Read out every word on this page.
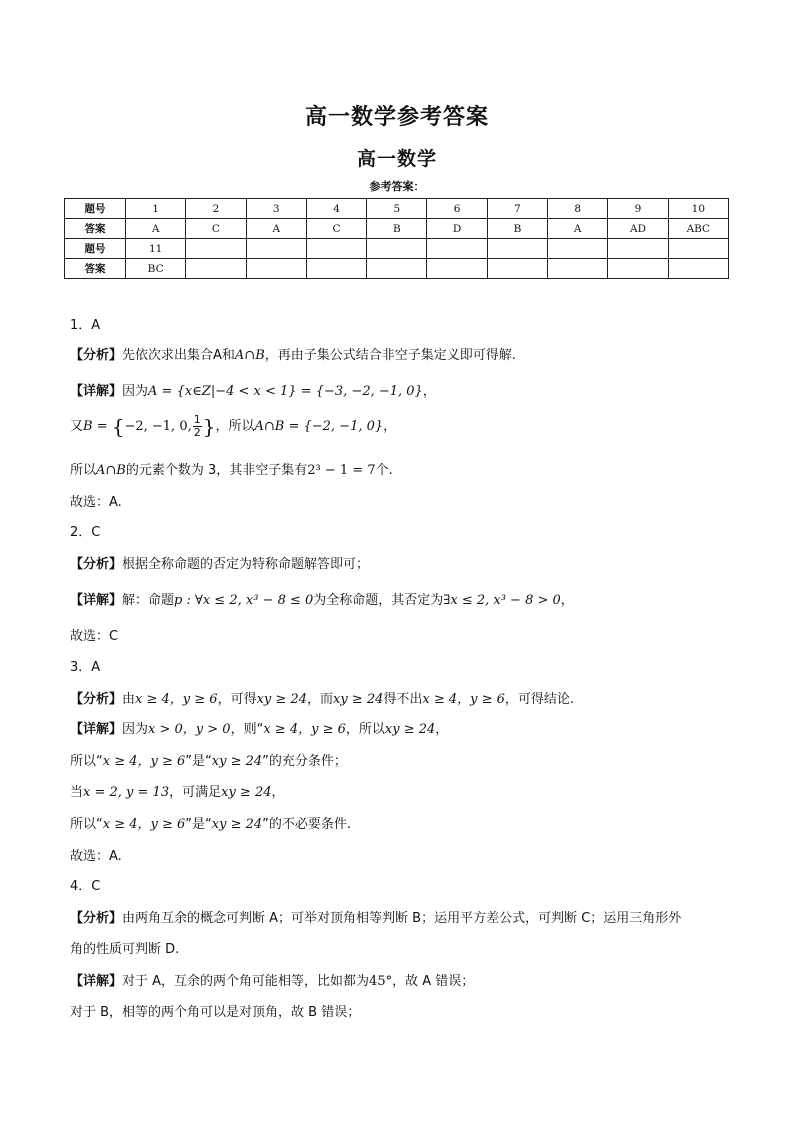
高一数学参考答案
高一数学
参考答案：
题号	1	2	3	4	5	6	7	8	9	10
答案	A	C	A	C	B	D	B	A	AD	ABC
题号	11									
答案	BC									
1．A
【分析】先依次求出集合A和A∩B，再由子集公式结合非空子集定义即可得解.
【详解】因为A = {x∈Z|−4 < x < 1} = {−3, −2, −1, 0}，
又B = {−2, −1, 0, $\frac{1}{2}$ }，所以A∩B = {−2, −1, 0}，
所以A∩B的元素个数为 3，其非空子集有2³ − 1 = 7个.
故选：A.
2．C
【分析】根据全称命题的否定为特称命题解答即可；
【详解】解：命题p : ∀x ≤ 2, x³ − 8 ≤ 0为全称命题，其否定为∃x ≤ 2, x³ − 8 > 0，
故选：C
3．A
【分析】由x ≥ 4，y ≥ 6，可得xy ≥ 24，而xy ≥ 24得不出x ≥ 4，y ≥ 6，可得结论.
【详解】因为x > 0，y > 0，则“x ≥ 4，y ≥ 6，所以xy ≥ 24，
所以“x ≥ 4，y ≥ 6”是“xy ≥ 24”的充分条件；
当x = 2, y = 13，可满足xy ≥ 24，
所以“x ≥ 4，y ≥ 6”是“xy ≥ 24”的不必要条件.
故选：A.
4．C
【分析】由两角互余的概念可判断 A；可举对顶角相等判断 B；运用平方差公式，可判断 C；运用三角形外
角的性质可判断 D.
【详解】对于 A，互余的两个角可能相等，比如都为45°，故 A 错误；
对于 B，相等的两个角可以是对顶角，故 B 错误；
